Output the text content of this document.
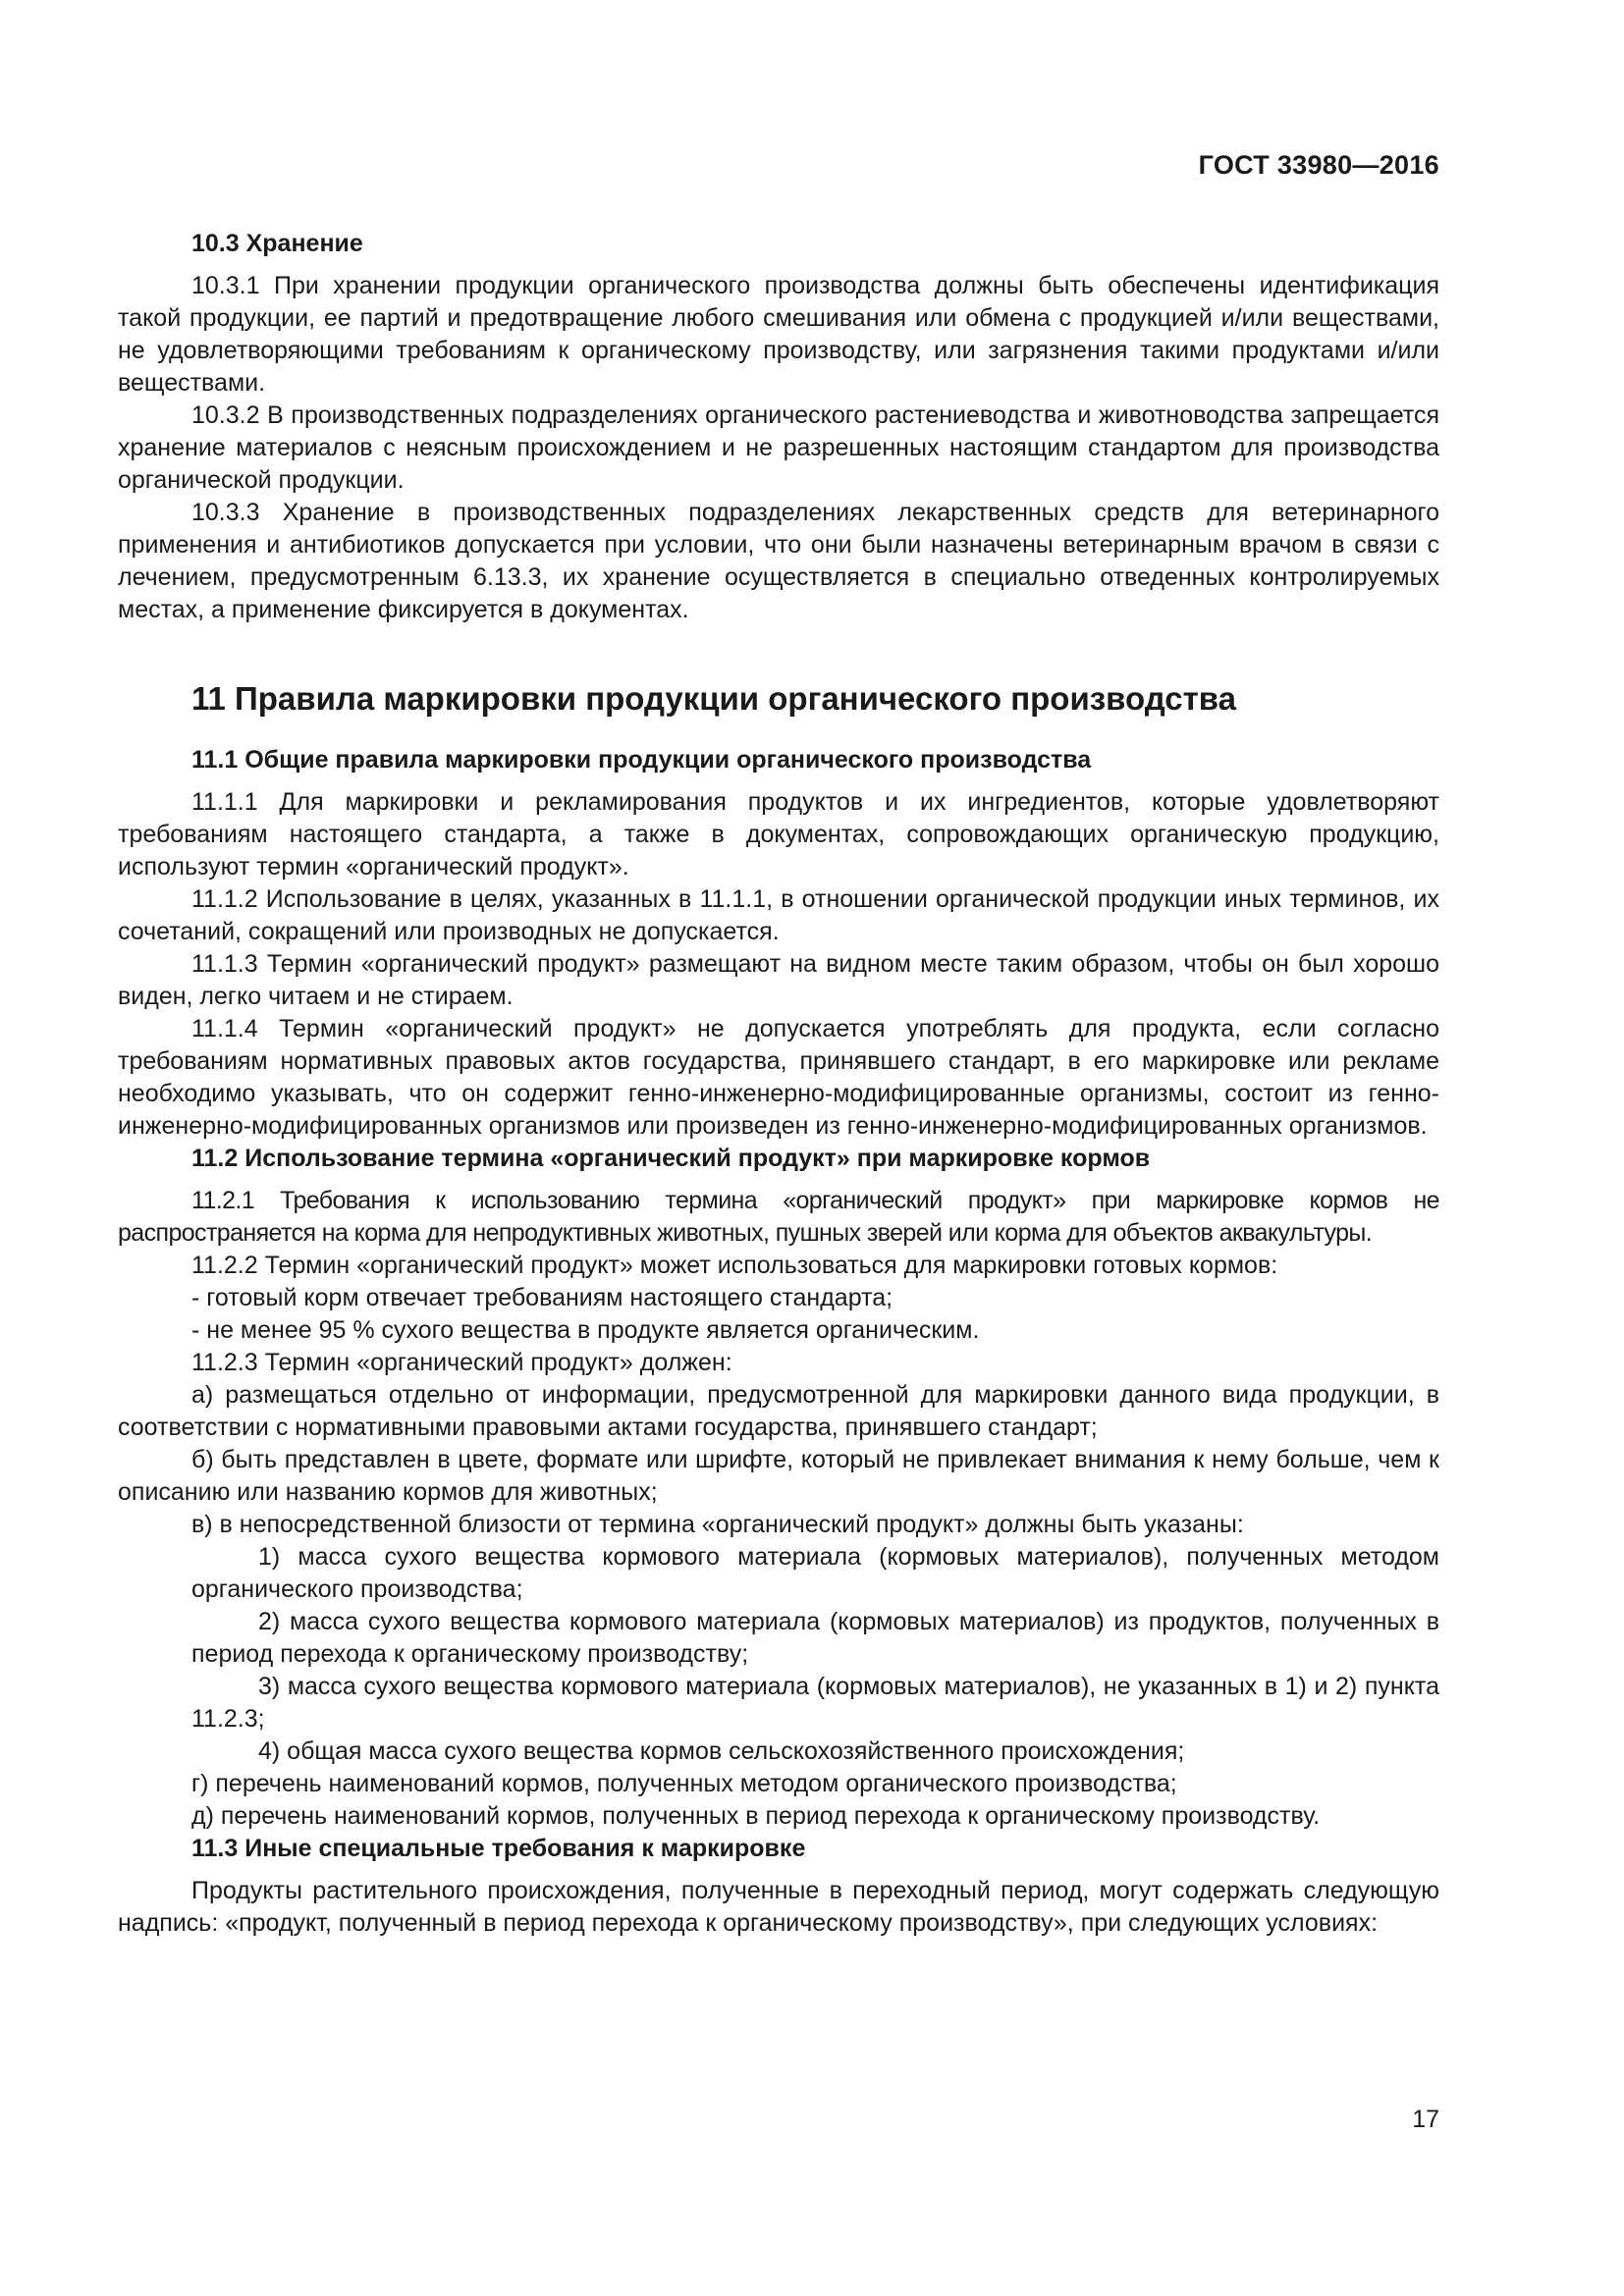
ГОСТ 33980—2016
10.3 Хранение

10.3.1 При хранении продукции органического производства должны быть обеспечены идентификация такой продукции, ее партий и предотвращение любого смешивания или обмена с продукцией и/или веществами, не удовлетворяющими требованиям к органическому производству, или загрязнения такими продуктами и/или веществами.

10.3.2 В производственных подразделениях органического растениеводства и животноводства запрещается хранение материалов с неясным происхождением и не разрешенных настоящим стандартом для производства органической продукции.

10.3.3 Хранение в производственных подразделениях лекарственных средств для ветеринарного применения и антибиотиков допускается при условии, что они были назначены ветеринарным врачом в связи с лечением, предусмотренным 6.13.3, их хранение осуществляется в специально отведенных контролируемых местах, а применение фиксируется в документах.

11 Правила маркировки продукции органического производства
11.1 Общие правила маркировки продукции органического производства

11.1.1 Для маркировки и рекламирования продуктов и их ингредиентов, которые удовлетворяют требованиям настоящего стандарта, а также в документах, сопровождающих органическую продукцию, используют термин «органический продукт».

11.1.2 Использование в целях, указанных в 11.1.1, в отношении органической продукции иных терминов, их сочетаний, сокращений или производных не допускается.

11.1.3 Термин «органический продукт» размещают на видном месте таким образом, чтобы он был хорошо виден, легко читаем и не стираем.

11.1.4 Термин «органический продукт» не допускается употреблять для продукта, если согласно требованиям нормативных правовых актов государства, принявшего стандарт, в его маркировке или рекламе необходимо указывать, что он содержит генно-инженерно-модифицированные организмы, состоит из генно-инженерно-модифицированных организмов или произведен из генно-инженерно-модифицированных организмов.

11.2 Использование термина «органический продукт» при маркировке кормов

11.2.1 Требования к использованию термина «органический продукт» при маркировке кормов не распространяется на корма для непродуктивных животных, пушных зверей или корма для объектов аквакультуры.

11.2.2 Термин «органический продукт» может использоваться для маркировки готовых кормов:

- готовый корм отвечает требованиям настоящего стандарта;

- не менее 95 % сухого вещества в продукте является органическим.

11.2.3 Термин «органический продукт» должен:

а) размещаться отдельно от информации, предусмотренной для маркировки данного вида продукции, в соответствии с нормативными правовыми актами государства, принявшего стандарт;

б) быть представлен в цвете, формате или шрифте, который не привлекает внимания к нему больше, чем к описанию или названию кормов для животных;

в) в непосредственной близости от термина «органический продукт» должны быть указаны:

1) масса сухого вещества кормового материала (кормовых материалов), полученных методом органического производства;

2) масса сухого вещества кормового материала (кормовых материалов) из продуктов, полученных в период перехода к органическому производству;

3) масса сухого вещества кормового материала (кормовых материалов), не указанных в 1) и 2) пункта 11.2.3;

4) общая масса сухого вещества кормов сельскохозяйственного происхождения;

г) перечень наименований кормов, полученных методом органического производства;

д) перечень наименований кормов, полученных в период перехода к органическому производству.

11.3 Иные специальные требования к маркировке

Продукты растительного происхождения, полученные в переходный период, могут содержать следующую надпись: «продукт, полученный в период перехода к органическому производству», при следующих условиях:

17
